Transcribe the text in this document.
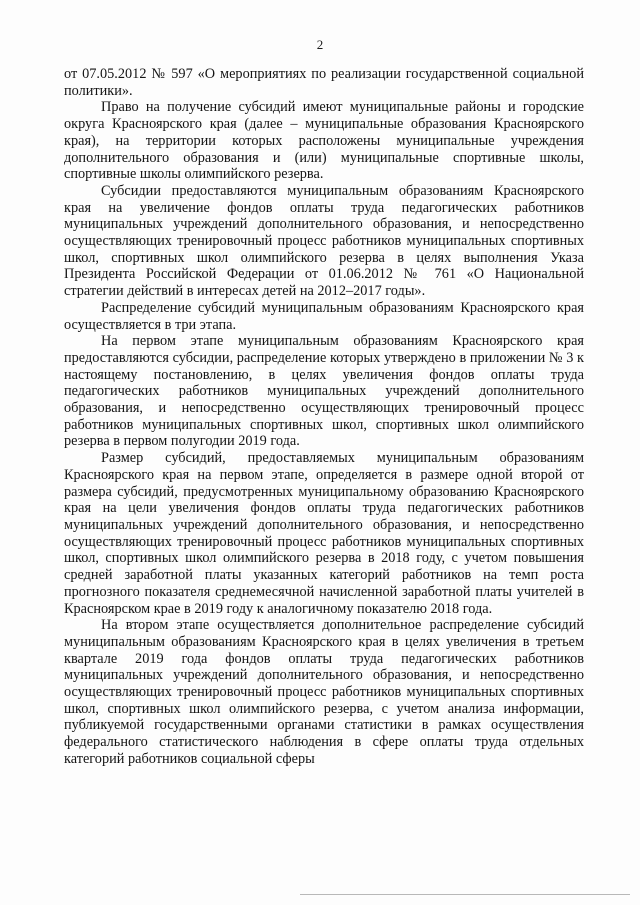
2

от 07.05.2012 № 597 «О мероприятиях по реализации государственной социальной политики».

Право на получение субсидий имеют муниципальные районы и городские округа Красноярского края (далее – муниципальные образования Красноярского края), на территории которых расположены муниципальные учреждения дополнительного образования и (или) муниципальные спортивные школы, спортивные школы олимпийского резерва.

Субсидии предоставляются муниципальным образованиям Красноярского края на увеличение фондов оплаты труда педагогических работников муниципальных учреждений дополнительного образования, и непосредственно осуществляющих тренировочный процесс работников муниципальных спортивных школ, спортивных школ олимпийского резерва в целях выполнения Указа Президента Российской Федерации от 01.06.2012 № 761 «О Национальной стратегии действий в интересах детей на 2012–2017 годы».

Распределение субсидий муниципальным образованиям Красноярского края осуществляется в три этапа.

На первом этапе муниципальным образованиям Красноярского края предоставляются субсидии, распределение которых утверждено в приложении № 3 к настоящему постановлению, в целях увеличения фондов оплаты труда педагогических работников муниципальных учреждений дополнительного образования, и непосредственно осуществляющих тренировочный процесс работников муниципальных спортивных школ, спортивных школ олимпийского резерва в первом полугодии 2019 года.

Размер субсидий, предоставляемых муниципальным образованиям Красноярского края на первом этапе, определяется в размере одной второй от размера субсидий, предусмотренных муниципальному образованию Красноярского края на цели увеличения фондов оплаты труда педагогических работников муниципальных учреждений дополнительного образования, и непосредственно осуществляющих тренировочный процесс работников муниципальных спортивных школ, спортивных школ олимпийского резерва в 2018 году, с учетом повышения средней заработной платы указанных категорий работников на темп роста прогнозного показателя среднемесячной начисленной заработной платы учителей в Красноярском крае в 2019 году к аналогичному показателю 2018 года.

На втором этапе осуществляется дополнительное распределение субсидий муниципальным образованиям Красноярского края в целях увеличения в третьем квартале 2019 года фондов оплаты труда педагогических работников муниципальных учреждений дополнительного образования, и непосредственно осуществляющих тренировочный процесс работников муниципальных спортивных школ, спортивных школ олимпийского резерва, с учетом анализа информации, публикуемой государственными органами статистики в рамках осуществления федерального статистического наблюдения в сфере оплаты труда отдельных категорий работников социальной сферы
